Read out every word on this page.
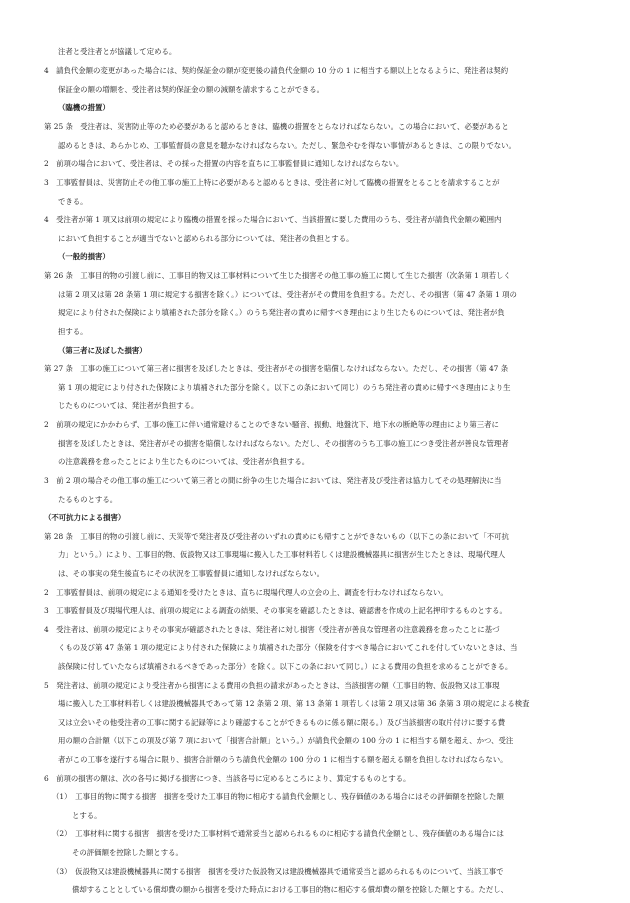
注者と受注者とが協議して定める。
4　請負代金額の変更があった場合には、契約保証金の額が変更後の請負代金額の 10 分の 1 に相当する額以上となるように、発注者は契約
保証金の額の増額を、受注者は契約保証金の額の減額を請求することができる。
（臨機の措置）
第 25 条　受注者は、災害防止等のため必要があると認めるときは、臨機の措置をとらなければならない。この場合において、必要があると
認めるときは、あらかじめ、工事監督員の意見を聴かなければならない。ただし、緊急やむを得ない事情があるときは、この限りでない。
2　前項の場合において、受注者は、その採った措置の内容を直ちに工事監督員に通知しなければならない。
3　工事監督員は、災害防止その他工事の施工上特に必要があると認めるときは、受注者に対して臨機の措置をとることを請求することが
できる。
4　受注者が第 1 項又は前項の規定により臨機の措置を採った場合において、当該措置に要した費用のうち、受注者が請負代金額の範囲内
において負担することが適当でないと認められる部分については、発注者の負担とする。
（一般的損害）
第 26 条　工事目的物の引渡し前に、工事目的物又は工事材料について生じた損害その他工事の施工に関して生じた損害（次条第 1 項若しく
は第 2 項又は第 28 条第 1 項に規定する損害を除く。）については、受注者がその費用を負担する。ただし、その損害（第 47 条第 1 項の
規定により付された保険により填補された部分を除く。）のうち発注者の責めに帰すべき理由により生じたものについては、発注者が負
担する。
（第三者に及ぼした損害）
第 27 条　工事の施工について第三者に損害を及ぼしたときは、受注者がその損害を賠償しなければならない。ただし、その損害（第 47 条
第 1 項の規定により付された保険により填補された部分を除く。以下この条において同じ）のうち発注者の責めに帰すべき理由により生
じたものについては、発注者が負担する。
2　前項の規定にかかわらず、工事の施工に伴い通常避けることのできない騒音、振動、地盤沈下、地下水の断絶等の理由により第三者に
損害を及ぼしたときは、発注者がその損害を賠償しなければならない。ただし、その損害のうち工事の施工につき受注者が善良な管理者
の注意義務を怠ったことにより生じたものについては、受注者が負担する。
3　前 2 項の場合その他工事の施工について第三者との間に紛争の生じた場合においては、発注者及び受注者は協力してその処理解決に当
たるものとする。
（不可抗力による損害）
第 28 条　工事目的物の引渡し前に、天災等で発注者及び受注者のいずれの責めにも帰すことができないもの（以下この条において「不可抗
力」という。）により、工事目的物、仮設物又は工事現場に搬入した工事材料若しくは建設機械器具に損害が生じたときは、現場代理人
は、その事実の発生後直ちにその状況を工事監督員に通知しなければならない。
2　工事監督員は、前項の規定による通知を受けたときは、直ちに現場代理人の立会の上、調査を行わなければならない。
3　工事監督員及び現場代理人は、前項の規定による調査の結果、その事実を確認したときは、確認書を作成の上記名押印するものとする。
4　受注者は、前項の規定によりその事実が確認されたときは、発注者に対し損害（受注者が善良な管理者の注意義務を怠ったことに基づ
くもの及び第 47 条第 1 項の規定により付された保険により填補された部分（保険を付すべき場合においてこれを付していないときは、当
該保険に付していたならば填補されるべきであった部分）を除く。以下この条において同じ。）による費用の負担を求めることができる。
5　発注者は、前項の規定により受注者から損害による費用の負担の請求があったときは、当該損害の額（工事目的物、仮設物又は工事現
場に搬入した工事材料若しくは建設機械器具であって第 12 条第 2 項、第 13 条第 1 項若しくは第 2 項又は第 36 条第 3 項の規定による検査
又は立会いその他受注者の工事に関する記録等により確認することができるものに係る額に限る。）及び当該損害の取片付けに要する費
用の額の合計額（以下この項及び第 7 項において「損害合計額」という。）が請負代金額の 100 分の 1 に相当する額を超え、かつ、受注
者がこの工事を遂行する場合に限り、損害合計額のうち請負代金額の 100 分の 1 に相当する額を超える額を負担しなければならない。
6　前項の損害の額は、次の各号に掲げる損害につき、当該各号に定めるところにより、算定するものとする。
（1）　工事目的物に関する損害　損害を受けた工事目的物に相応する請負代金額とし、残存価値のある場合にはその評価額を控除した額
とする。
（2）　工事材料に関する損害　損害を受けた工事材料で通常妥当と認められるものに相応する請負代金額とし、残存価値のある場合には
その評価額を控除した額とする。
（3）　仮設物又は建設機械器具に関する損害　損害を受けた仮設物又は建設機械器具で通常妥当と認められるものについて、当該工事で
償却することとしている償却費の額から損害を受けた時点における工事目的物に相応する償却費の額を控除した額とする。ただし、
